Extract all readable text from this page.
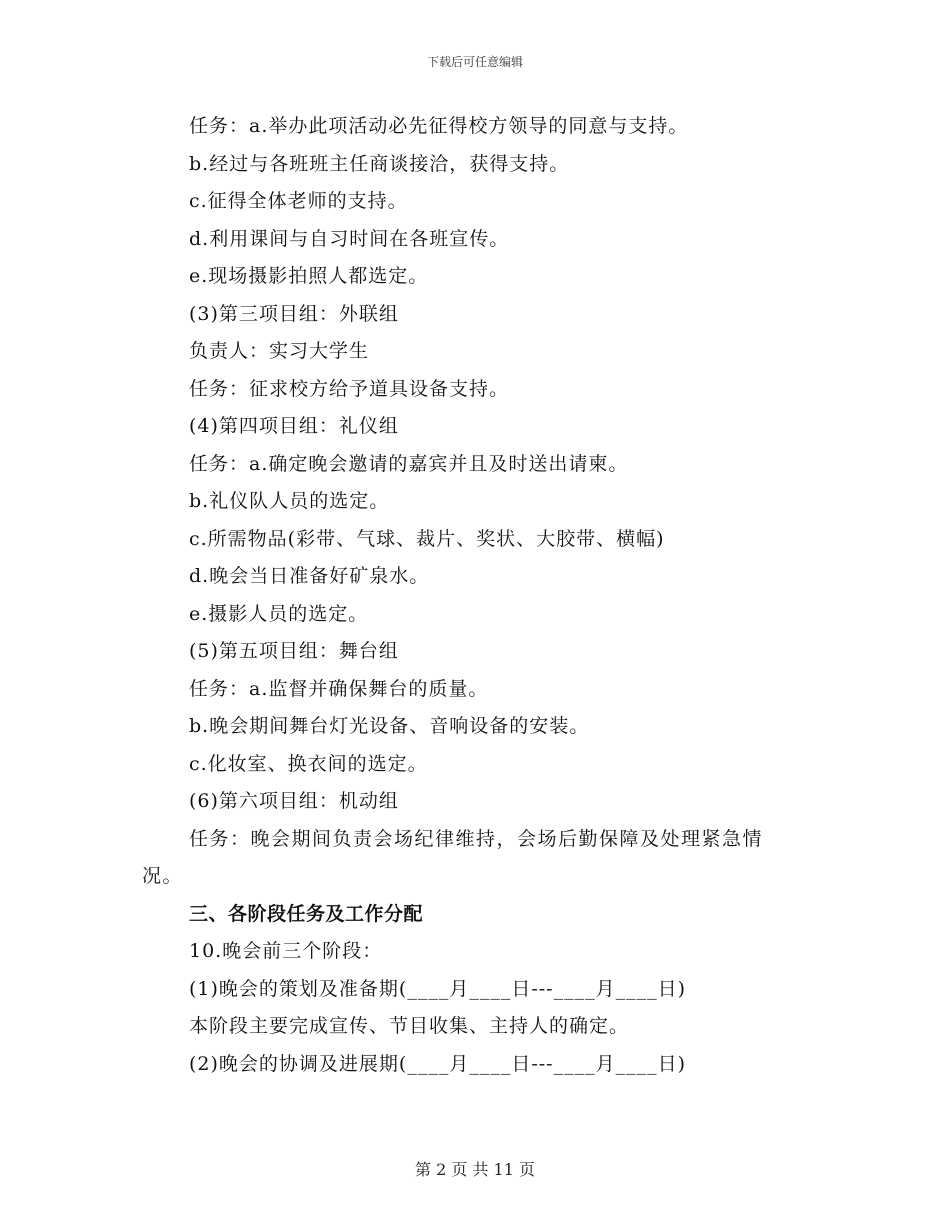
下载后可任意编辑
任务：a.举办此项活动必先征得校方领导的同意与支持。
b.经过与各班班主任商谈接洽，获得支持。
c.征得全体老师的支持。
d.利用课间与自习时间在各班宣传。
e.现场摄影拍照人都选定。
(3)第三项目组：外联组
负责人：实习大学生
任务：征求校方给予道具设备支持。
(4)第四项目组：礼仪组
任务：a.确定晚会邀请的嘉宾并且及时送出请柬。
b.礼仪队人员的选定。
c.所需物品(彩带、气球、裁片、奖状、大胶带、横幅)
d.晚会当日准备好矿泉水。
e.摄影人员的选定。
(5)第五项目组：舞台组
任务：a.监督并确保舞台的质量。
b.晚会期间舞台灯光设备、音响设备的安装。
c.化妆室、换衣间的选定。
(6)第六项目组：机动组
任务：晚会期间负责会场纪律维持，会场后勤保障及处理紧急情况。
三、各阶段任务及工作分配
10.晚会前三个阶段：
(1)晚会的策划及准备期(____月____日---____月____日)
本阶段主要完成宣传、节目收集、主持人的确定。
(2)晚会的协调及进展期(____月____日---____月____日)
第 2 页 共 11 页
